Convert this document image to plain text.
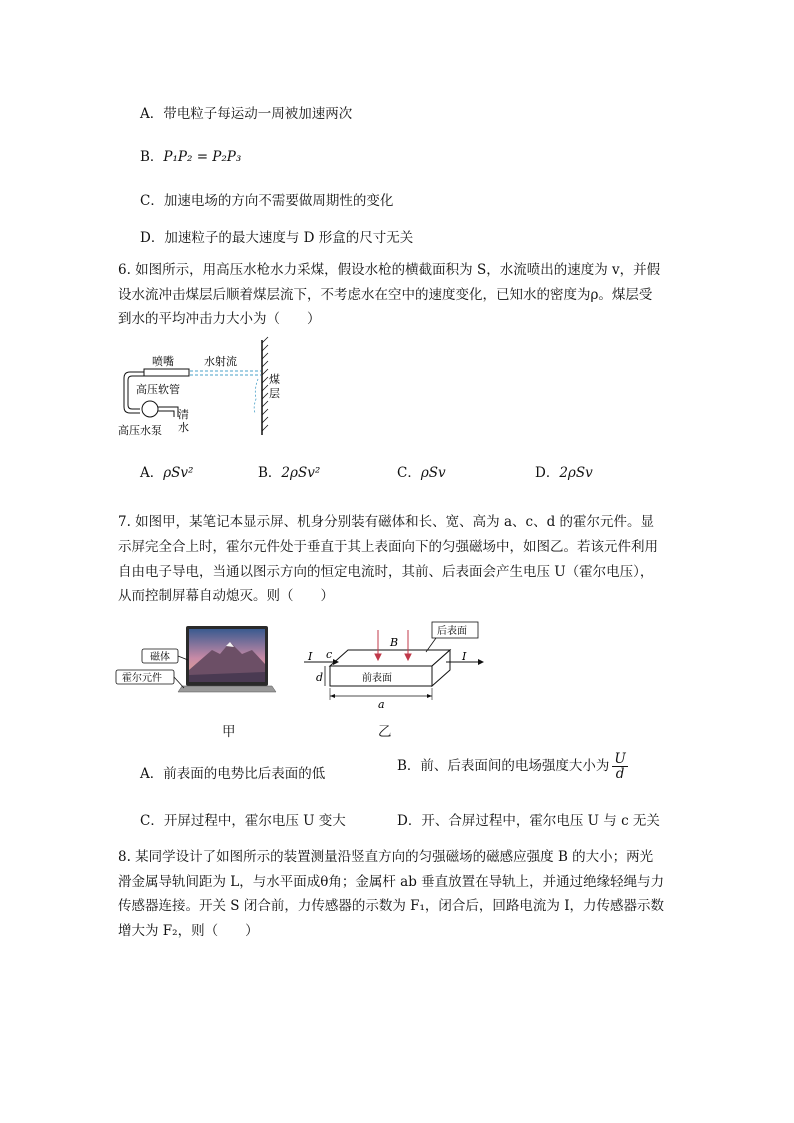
A．带电粒子每运动一周被加速两次
B．P₁P₂ = P₂P₃
C．加速电场的方向不需要做周期性的变化
D．加速粒子的最大速度与 D 形盒的尺寸无关
6. 如图所示，用高压水枪水力采煤，假设水枪的横截面积为 S，水流喷出的速度为 v，并假
设水流冲击煤层后顺着煤层流下，不考虑水在空中的速度变化，已知水的密度为ρ。煤层受
到水的平均冲击力大小为（　　）
喷嘴	水射流
高压软管
高压水泵
清
水
煤
层
A．ρSv²	B．2ρSv²	C．ρSv	D．2ρSv
7. 如图甲，某笔记本显示屏、机身分别装有磁体和长、宽、高为 a、c、d 的霍尔元件。显
示屏完全合上时，霍尔元件处于垂直于其上表面向下的匀强磁场中，如图乙。若该元件利用
自由电子导电，当通以图示方向的恒定电流时，其前、后表面会产生电压 U（霍尔电压），
从而控制屏幕自动熄灭。则（　　）
磁体
霍尔元件
甲
B
后表面
I	I
c
d
a
前表面
乙
A．前表面的电势比后表面的低	B．前、后表面间的电场强度大小为 $\frac{U}{d}$
C．开屏过程中，霍尔电压 U 变大	D．开、合屏过程中，霍尔电压 U 与 c 无关
8. 某同学设计了如图所示的装置测量沿竖直方向的匀强磁场的磁感应强度 B 的大小；两光
滑金属导轨间距为 L，与水平面成θ角；金属杆 ab 垂直放置在导轨上，并通过绝缘轻绳与力
传感器连接。开关 S 闭合前，力传感器的示数为 F₁，闭合后，回路电流为 I，力传感器示数
增大为 F₂，则（　　）
